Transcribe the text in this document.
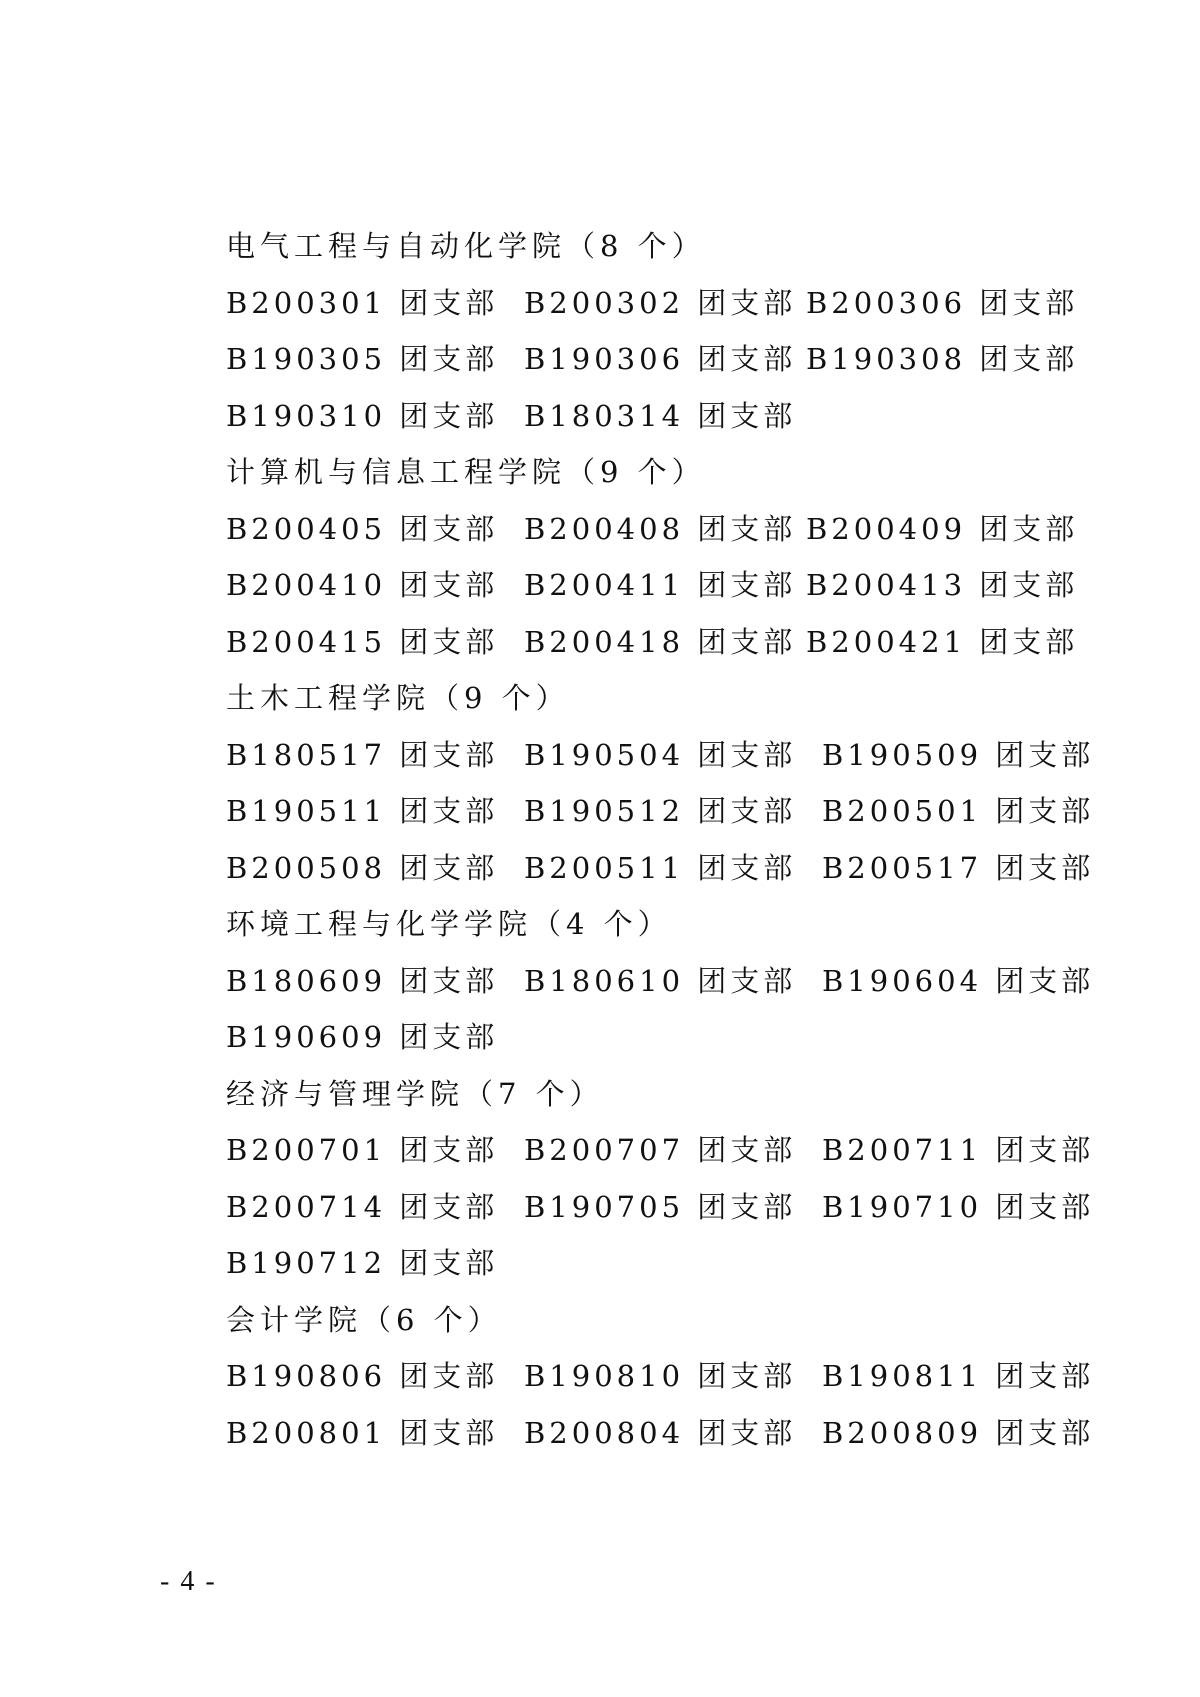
电气工程与自动化学院（8 个）
B200301 团支部 B200302 团支部 B200306 团支部
B190305 团支部 B190306 团支部 B190308 团支部
B190310 团支部 B180314 团支部
计算机与信息工程学院（9 个）
B200405 团支部 B200408 团支部 B200409 团支部
B200410 团支部 B200411 团支部 B200413 团支部
B200415 团支部 B200418 团支部 B200421 团支部
土木工程学院（9 个）
B180517 团支部 B190504 团支部 B190509 团支部
B190511 团支部 B190512 团支部 B200501 团支部
B200508 团支部 B200511 团支部 B200517 团支部
环境工程与化学学院（4 个）
B180609 团支部 B180610 团支部 B190604 团支部
B190609 团支部
经济与管理学院（7 个）
B200701 团支部 B200707 团支部 B200711 团支部
B200714 团支部 B190705 团支部 B190710 团支部
B190712 团支部
会计学院（6 个）
B190806 团支部 B190810 团支部 B190811 团支部
B200801 团支部 B200804 团支部 B200809 团支部
- 4 -
